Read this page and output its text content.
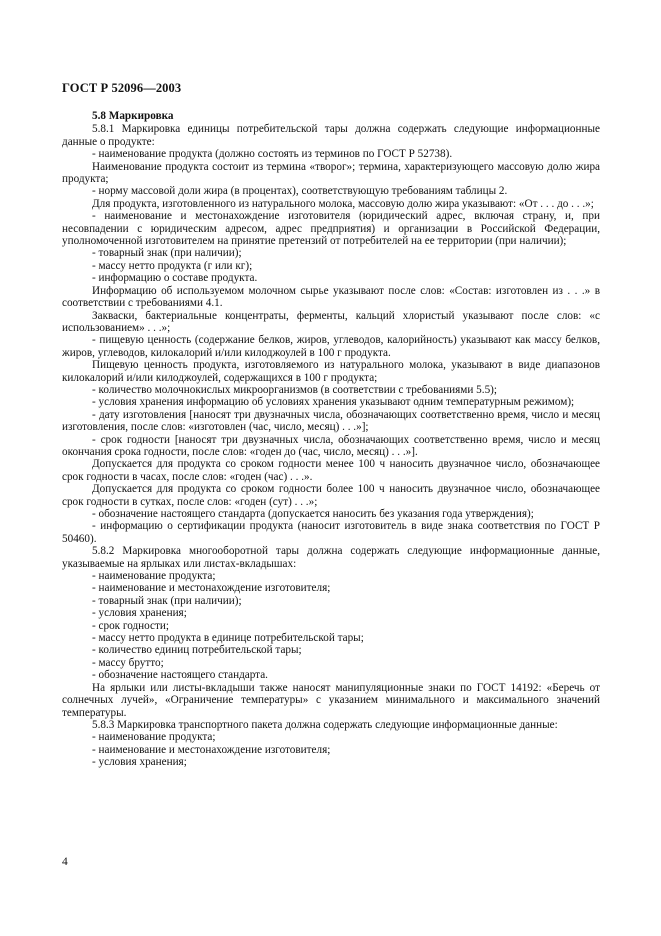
ГОСТ Р 52096—2003

5.8 Маркировка

5.8.1 Маркировка единицы потребительской тары должна содержать следующие информационные данные о продукте:

- наименование продукта (должно состоять из терминов по ГОСТ Р 52738).

Наименование продукта состоит из термина «творог»; термина, характеризующего массовую долю жира продукта;

- норму массовой доли жира (в процентах), соответствующую требованиям таблицы 2.

Для продукта, изготовленного из натурального молока, массовую долю жира указывают: «От . . . до . . .»;

- наименование и местонахождение изготовителя (юридический адрес, включая страну, и, при несовпадении с юридическим адресом, адрес предприятия) и организации в Российской Федерации, уполномоченной изготовителем на принятие претензий от потребителей на ее территории (при наличии);

- товарный знак (при наличии);

- массу нетто продукта (г или кг);

- информацию о составе продукта.

Информацию об используемом молочном сырье указывают после слов: «Состав: изготовлен из . . .» в соответствии с требованиями 4.1.

Закваски, бактериальные концентраты, ферменты, кальций хлористый указывают после слов: «с использованием» . . .»;

- пищевую ценность (содержание белков, жиров, углеводов, калорийность) указывают как массу белков, жиров, углеводов, килокалорий и/или килоджоулей в 100 г продукта.

Пищевую ценность продукта, изготовляемого из натурального молока, указывают в виде диапазонов килокалорий и/или килоджоулей, содержащихся в 100 г продукта;

- количество молочнокислых микроорганизмов (в соответствии с требованиями 5.5);

- условия хранения информацию об условиях хранения указывают одним температурным режимом);

- дату изготовления [наносят три двузначных числа, обозначающих соответственно время, число и месяц изготовления, после слов: «изготовлен (час, число, месяц) . . .»];

- срок годности [наносят три двузначных числа, обозначающих соответственно время, число и месяц окончания срока годности, после слов: «годен до (час, число, месяц) . . .»].

Допускается для продукта со сроком годности менее 100 ч наносить двузначное число, обозначающее срок годности в часах, после слов: «годен (час) . . .».

Допускается для продукта со сроком годности более 100 ч наносить двузначное число, обозначающее срок годности в сутках, после слов: «годен (сут) . . .»;

- обозначение настоящего стандарта (допускается наносить без указания года утверждения);

- информацию о сертификации продукта (наносит изготовитель в виде знака соответствия по ГОСТ Р 50460).

5.8.2 Маркировка многооборотной тары должна содержать следующие информационные данные, указываемые на ярлыках или листах-вкладышах:

- наименование продукта;

- наименование и местонахождение изготовителя;

- товарный знак (при наличии);

- условия хранения;

- срок годности;

- массу нетто продукта в единице потребительской тары;

- количество единиц потребительской тары;

- массу брутто;

- обозначение настоящего стандарта.

На ярлыки или листы-вкладыши также наносят манипуляционные знаки по ГОСТ 14192: «Беречь от солнечных лучей», «Ограничение температуры» с указанием минимального и максимального значений температуры.

5.8.3 Маркировка транспортного пакета должна содержать следующие информационные данные:

- наименование продукта;

- наименование и местонахождение изготовителя;

- условия хранения;

4
